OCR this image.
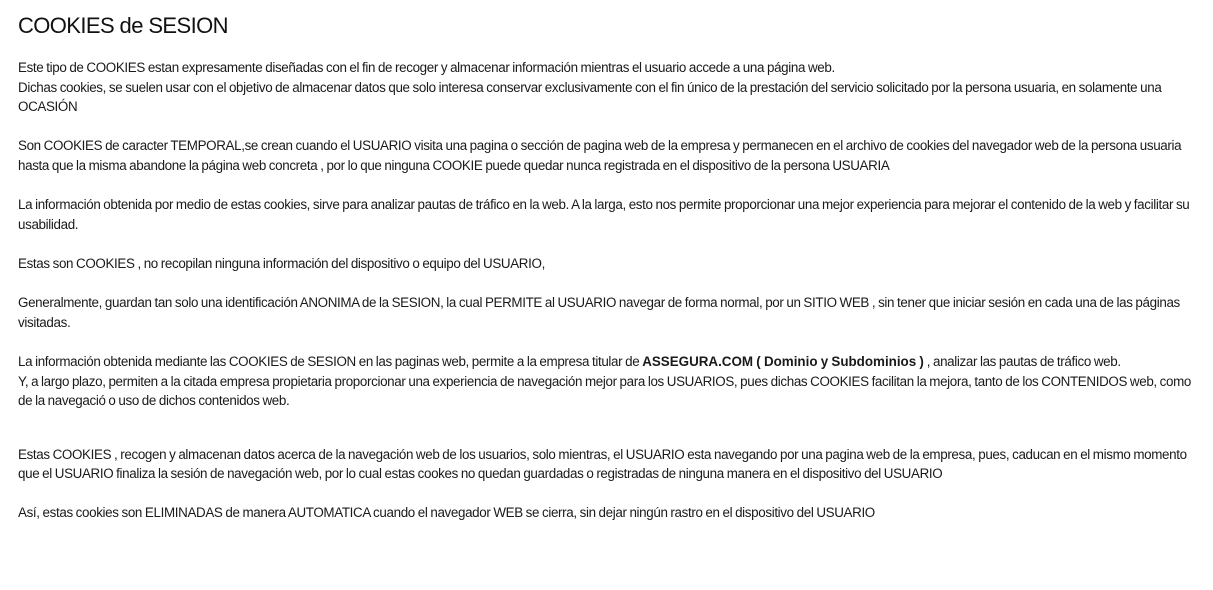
COOKIES de SESION

Este tipo de COOKIES estan expresamente diseñadas con el fin de recoger y almacenar información mientras el usuario accede a una página web.

Dichas cookies, se suelen usar con el objetivo de almacenar datos que solo interesa conservar exclusivamente con el fin único de la prestación del servicio solicitado por la persona usuaria, en solamente una OCASIÓN

Son COOKIES de caracter TEMPORAL,se crean cuando el USUARIO visita una pagina o sección de pagina web de la empresa y permanecen en el archivo de cookies del navegador web de la persona usuaria hasta que la misma abandone la página web concreta , por lo que ninguna COOKIE puede quedar nunca registrada en el dispositivo de la persona USUARIA

La información obtenida por medio de estas cookies, sirve para analizar pautas de tráfico en la web. A la larga, esto nos permite proporcionar una mejor experiencia para mejorar el contenido de la web y facilitar su usabilidad.

Estas son COOKIES , no recopilan ninguna información del dispositivo o equipo del USUARIO,

Generalmente, guardan tan solo una identificación ANONIMA de la SESION, la cual PERMITE al USUARIO navegar de forma normal, por un SITIO WEB , sin tener que iniciar sesión en cada una de las páginas visitadas.

La información obtenida mediante las COOKIES de SESION en las paginas web, permite a la empresa titular de ASSEGURA.COM ( Dominio y Subdominios ) , analizar las pautas de tráfico web.

Y, a largo plazo, permiten a la citada empresa propietaria proporcionar una experiencia de navegación mejor para los USUARIOS, pues dichas COOKIES facilitan la mejora, tanto de los CONTENIDOS web, como de la navegació o uso de dichos contenidos web.

Estas COOKIES , recogen y almacenan datos acerca de la navegación web de los usuarios, solo mientras, el USUARIO esta navegando por una pagina web de la empresa, pues, caducan en el mismo momento que el USUARIO finaliza la sesión de navegación web, por lo cual estas cookes no quedan guardadas o registradas de ninguna manera en el dispositivo del USUARIO

Así, estas cookies son ELIMINADAS de manera AUTOMATICA cuando el navegador WEB se cierra, sin dejar ningún rastro en el dispositivo del USUARIO
